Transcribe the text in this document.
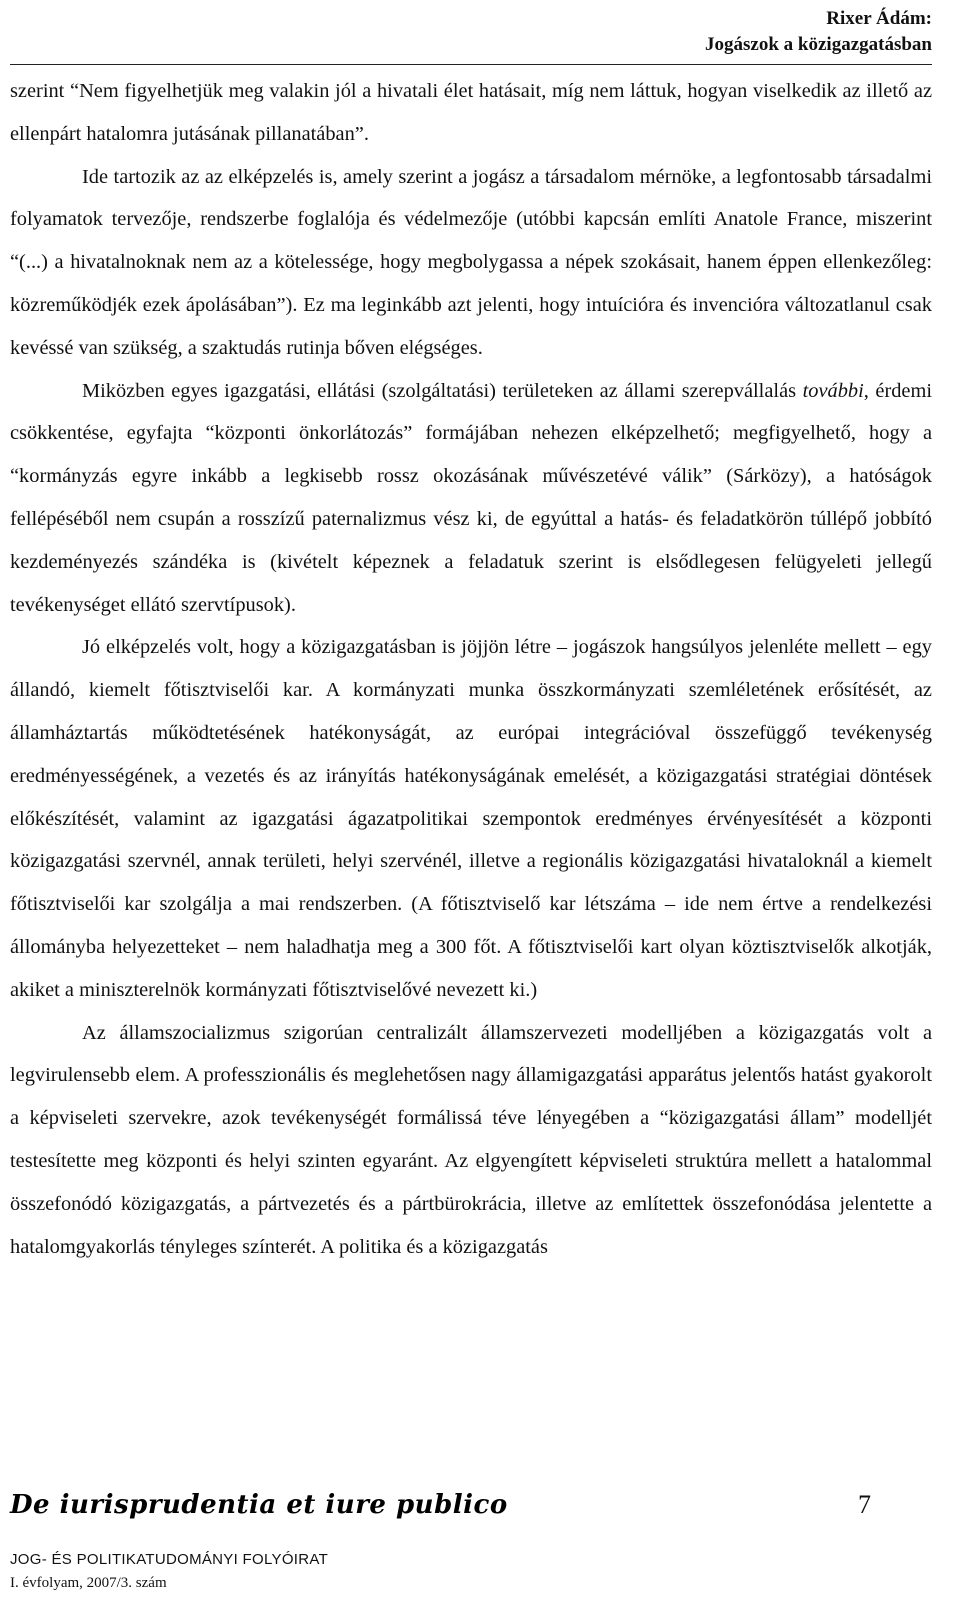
Rixer Ádám:
Jogászok a közigazgatásban

szerint “Nem figyelhetjük meg valakin jól a hivatali élet hatásait, míg nem láttuk, hogyan viselkedik az illető az ellenpárt hatalomra jutásának pillanatában”.

Ide tartozik az az elképzelés is, amely szerint a jogász a társadalom mérnöke, a legfontosabb társadalmi folyamatok tervezője, rendszerbe foglalója és védelmezője (utóbbi kapcsán említi Anatole France, miszerint “(...) a hivatalnoknak nem az a kötelessége, hogy megbolygassa a népek szokásait, hanem éppen ellenkezőleg: közreműködjék ezek ápolásában”). Ez ma leginkább azt jelenti, hogy intuícióra és invencióra változatlanul csak kevéssé van szükség, a szaktudás rutinja bőven elégséges.

Miközben egyes igazgatási, ellátási (szolgáltatási) területeken az állami szerepvállalás további, érdemi csökkentése, egyfajta “központi önkorlátozás” formájában nehezen elképzelhető; megfigyelhető, hogy a “kormányzás egyre inkább a legkisebb rossz okozásának művészetévé válik” (Sárközy), a hatóságok fellépéséből nem csupán a rosszízű paternalizmus vész ki, de egyúttal a hatás- és feladatkörön túllépő jobbító kezdeményezés szándéka is (kivételt képeznek a feladatuk szerint is elsődlegesen felügyeleti jellegű tevékenységet ellátó szervtípusok).

Jó elképzelés volt, hogy a közigazgatásban is jöjjön létre – jogászok hangsúlyos jelenléte mellett – egy állandó, kiemelt főtisztviselői kar. A kormányzati munka összkormányzati szemléletének erősítését, az államháztartás működtetésének hatékonyságát, az európai integrációval összefüggő tevékenység eredményességének, a vezetés és az irányítás hatékonyságának emelését, a közigazgatási stratégiai döntések előkészítését, valamint az igazgatási ágazatpolitikai szempontok eredményes érvényesítését a központi közigazgatási szervnél, annak területi, helyi szervénél, illetve a regionális közigazgatási hivataloknál a kiemelt főtisztviselői kar szolgálja a mai rendszerben. (A főtisztviselő kar létszáma – ide nem értve a rendelkezési állományba helyezetteket – nem haladhatja meg a 300 főt. A főtisztviselői kart olyan köztisztviselők alkotják, akiket a miniszterelnök kormányzati főtisztviselővé nevezett ki.)

Az államszocializmus szigorúan centralizált államszervezeti modelljében a közigazgatás volt a legvirulensebb elem. A professzionális és meglehetősen nagy államigazgatási apparátus jelentős hatást gyakorolt a képviseleti szervekre, azok tevékenységét formálissá téve lényegében a “közigazgatási állam” modelljét testesítette meg központi és helyi szinten egyaránt. Az elgyengített képviseleti struktúra mellett a hatalommal összefonódó közigazgatás, a pártvezetés és a pártbürokrácia, illetve az említettek összefonódása jelentette a hatalomgyakorlás tényleges színterét. A politika és a közigazgatás

De iurisprudentia et iure publico	7
JOG- ÉS POLITIKATUDOMÁNYI FOLYÓIRAT
I. évfolyam, 2007/3. szám
